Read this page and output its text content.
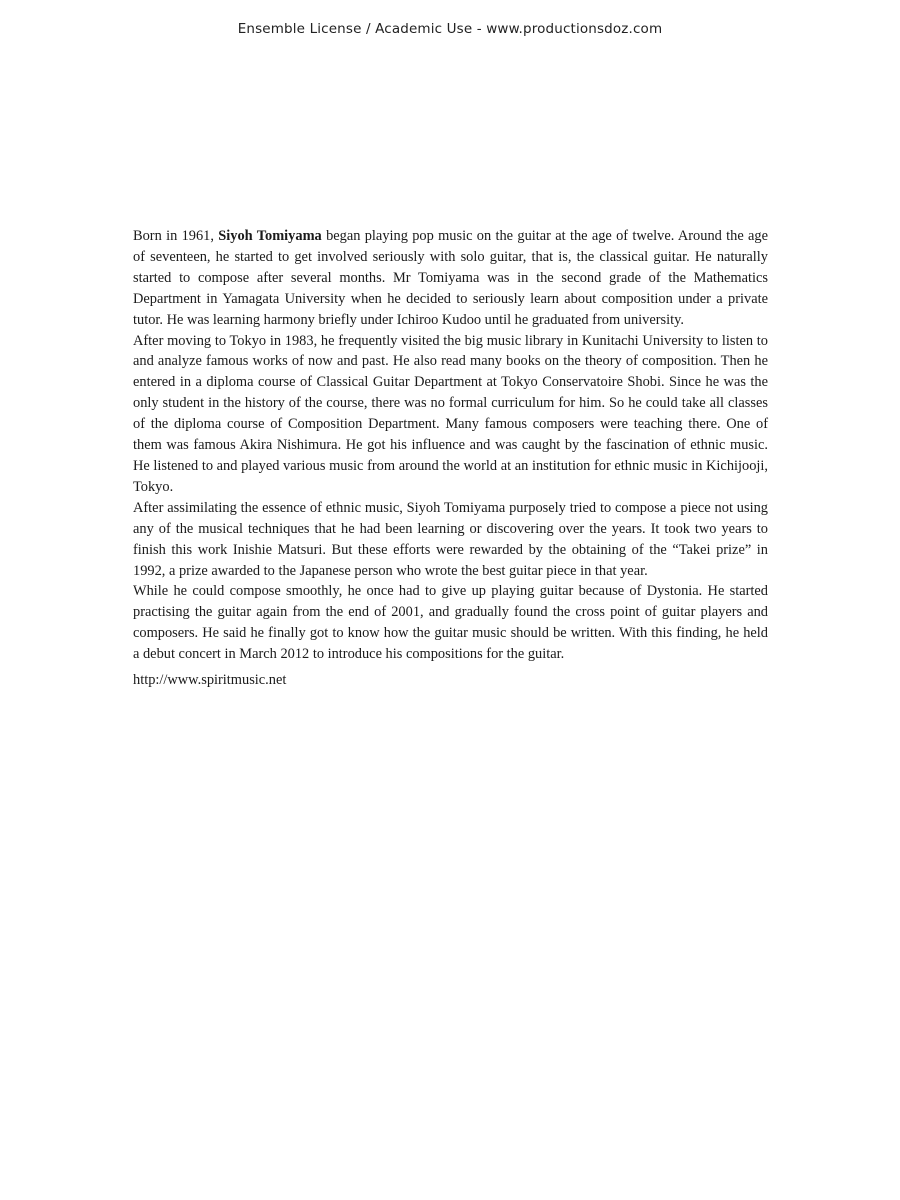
Ensemble License / Academic Use - www.productionsdoz.com

Born in 1961, Siyoh Tomiyama began playing pop music on the guitar at the age of twelve. Around the age of seventeen, he started to get involved seriously with solo guitar, that is, the classical guitar. He naturally started to compose after several months. Mr Tomiyama was in the second grade of the Mathematics Department in Yamagata University when he decided to seriously learn about composition under a private tutor. He was learning harmony briefly under Ichiroo Kudoo until he graduated from university.

After moving to Tokyo in 1983, he frequently visited the big music library in Kunitachi University to listen to and analyze famous works of now and past. He also read many books on the theory of composition. Then he entered in a diploma course of Classical Guitar Department at Tokyo Conservatoire Shobi. Since he was the only student in the history of the course, there was no formal curriculum for him. So he could take all classes of the diploma course of Composition Department. Many famous composers were teaching there. One of them was famous Akira Nishimura. He got his influence and was caught by the fascination of ethnic music. He listened to and played various music from around the world at an institution for ethnic music in Kichijooji, Tokyo.

After assimilating the essence of ethnic music, Siyoh Tomiyama purposely tried to compose a piece not using any of the musical techniques that he had been learning or discovering over the years. It took two years to finish this work Inishie Matsuri. But these efforts were rewarded by the obtaining of the “Takei prize” in 1992, a prize awarded to the Japanese person who wrote the best guitar piece in that year.

While he could compose smoothly, he once had to give up playing guitar because of Dystonia. He started practising the guitar again from the end of 2001, and gradually found the cross point of guitar players and composers. He said he finally got to know how the guitar music should be written. With this finding, he held a debut concert in March 2012 to introduce his compositions for the guitar.

http://www.spiritmusic.net
